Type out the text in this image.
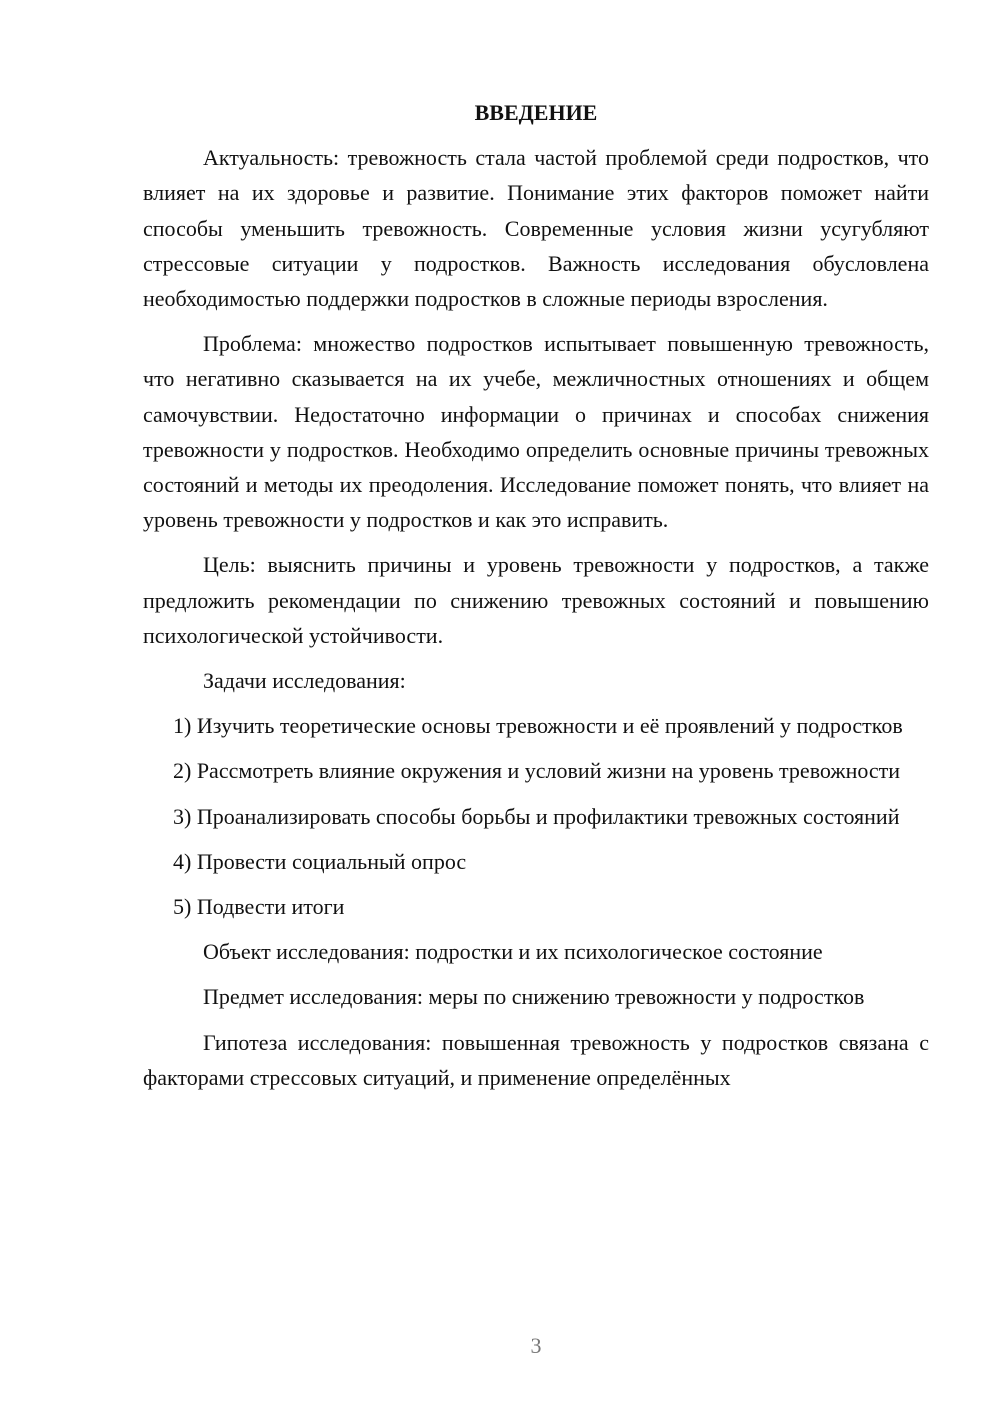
ВВЕДЕНИЕ

Актуальность: тревожность стала частой проблемой среди подростков, что влияет на их здоровье и развитие. Понимание этих факторов поможет найти способы уменьшить тревожность. Современные условия жизни усугубляют стрессовые ситуации у подростков. Важность исследования обусловлена необходимостью поддержки подростков в сложные периоды взросления.

Проблема: множество подростков испытывает повышенную тревожность, что негативно сказывается на их учебе, межличностных отношениях и общем самочувствии. Недостаточно информации о причинах и способах снижения тревожности у подростков. Необходимо определить основные причины тревожных состояний и методы их преодоления. Исследование поможет понять, что влияет на уровень тревожности у подростков и как это исправить.

Цель: выяснить причины и уровень тревожности у подростков, а также предложить рекомендации по снижению тревожных состояний и повышению психологической устойчивости.

Задачи исследования:

1) Изучить теоретические основы тревожности и её проявлений у подростков

2) Рассмотреть влияние окружения и условий жизни на уровень тревожности

3) Проанализировать способы борьбы и профилактики тревожных состояний

4) Провести социальный опрос

5) Подвести итоги

Объект исследования: подростки и их психологическое состояние

Предмет исследования: меры по снижению тревожности у подростков

Гипотеза исследования: повышенная тревожность у подростков связана с факторами стрессовых ситуаций, и применение определённых

3
